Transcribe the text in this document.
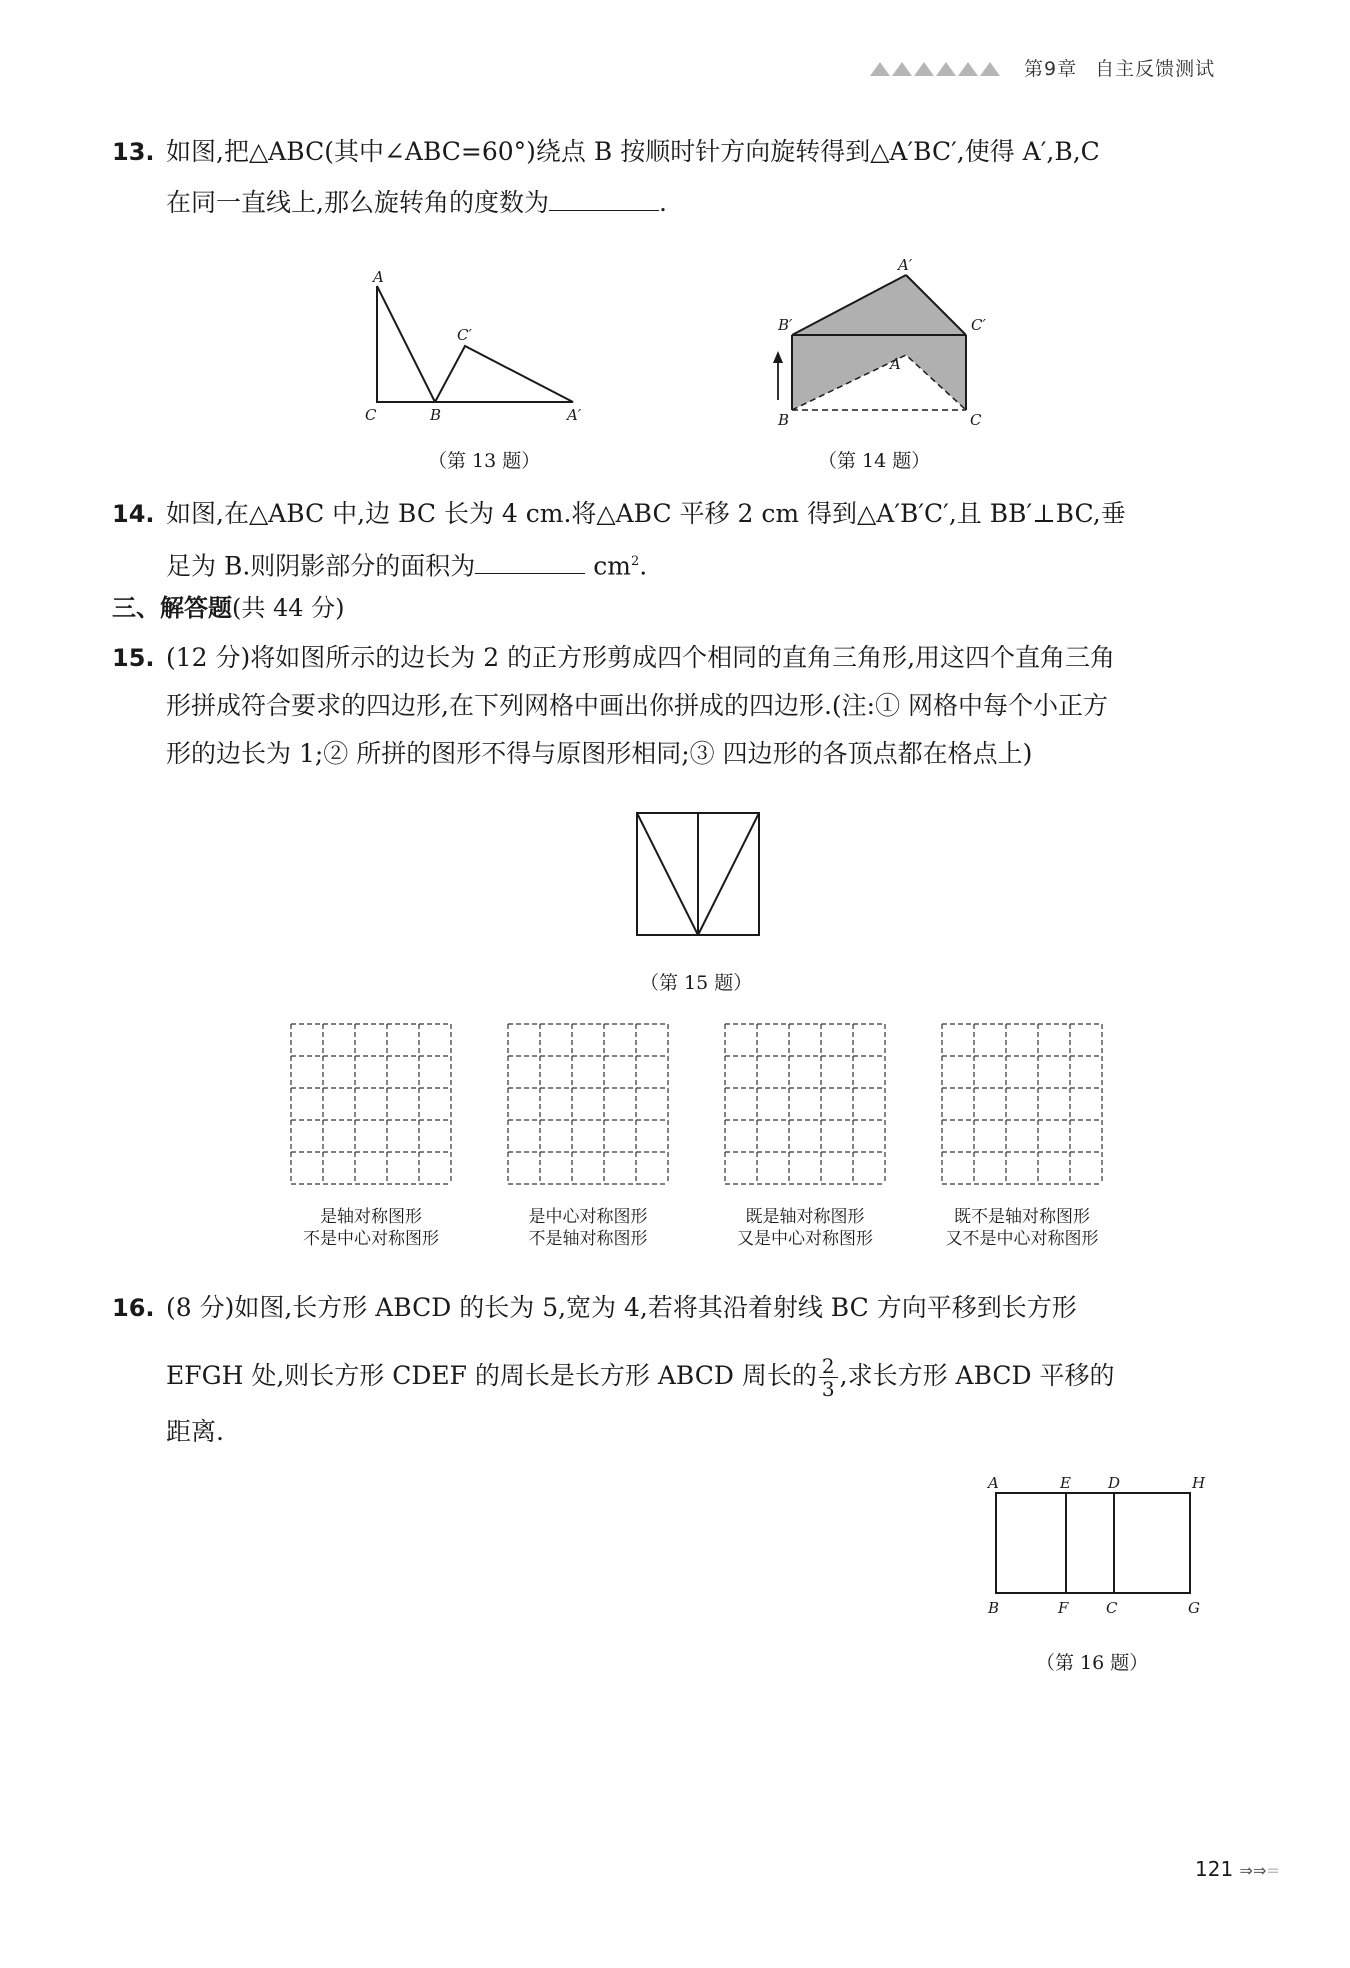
第9章 自主反馈测试
13. 如图,把△ABC(其中∠ABC=60°)绕点 B 按顺时针方向旋转得到△A′BC′,使得 A′,B,C
在同一直线上,那么旋转角的度数为	.
A
C	B
C′
A′
（第 13 题）
A′
B′	C′
A
B	C
（第 14 题）
14. 如图,在△ABC 中,边 BC 长为 4 cm.将△ABC 平移 2 cm 得到△A′B′C′,且 BB′⊥BC,垂
足为 B.则阴影部分的面积为	$cm^2$.
三、解答题(共 44 分)
15. (12 分)将如图所示的边长为 2 的正方形剪成四个相同的直角三角形,用这四个直角三角
形拼成符合要求的四边形,在下列网格中画出你拼成的四边形.(注:① 网格中每个小正方
形的边长为 1;② 所拼的图形不得与原图形相同;③ 四边形的各顶点都在格点上)
（第 15 题）
是轴对称图形
不是中心对称图形
是中心对称图形
不是轴对称图形
既是轴对称图形
又是中心对称图形
既不是轴对称图形
又不是中心对称图形
16. (8 分)如图,长方形 ABCD 的长为 5,宽为 4,若将其沿着射线 BC 方向平移到长方形
EFGH 处,则长方形 CDEF 的周长是长方形 ABCD 周长的 $\frac{2}{3}$ ,求长方形 ABCD 平移的
距离.
A	E D	H
B	F	C	G
（第 16 题）
121 ⇒⇒=
